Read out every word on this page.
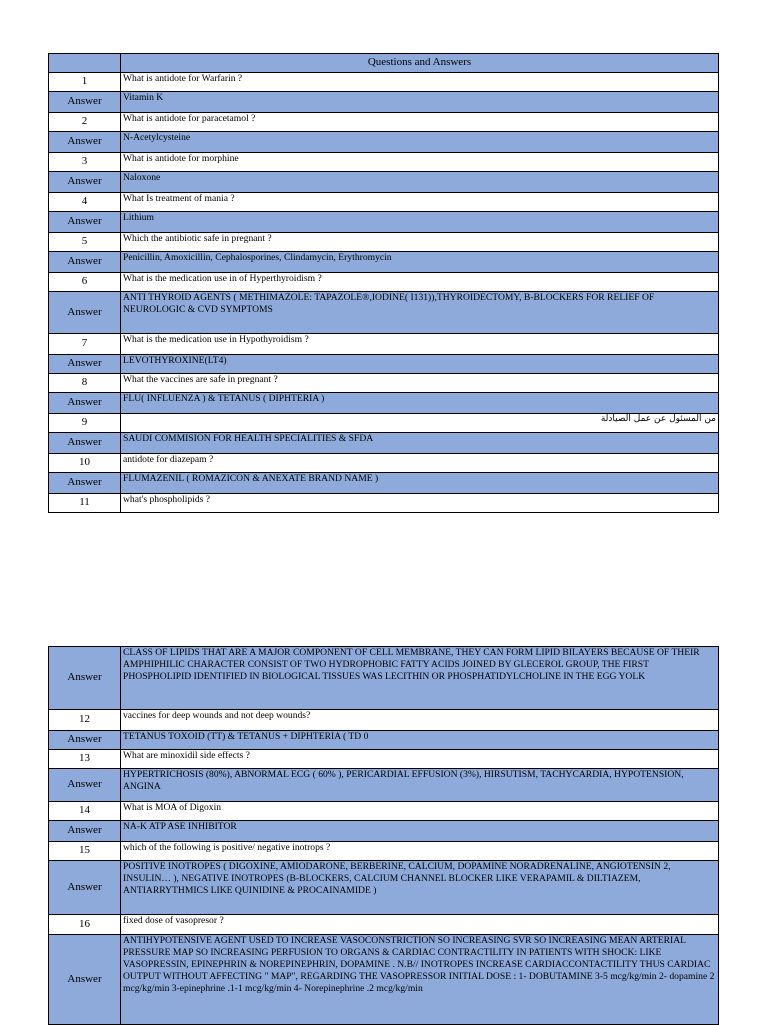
	Questions and Answers
1	What is antidote for Warfarin ?
Answer	Vitamin K
2	What is antidote for paracetamol ?
Answer	N-Acetylcysteine
3	What is antidote for morphine
Answer	Naloxone
4	What Is treatment of mania ?
Answer	Lithium
5	Which the antibiotic safe in pregnant ?
Answer	Penicillin, Amoxicillin, Cephalosporines, Clindamycin, Erythromycin
6	What is the medication use in of Hyperthyroidism ?
Answer	ANTI THYROID AGENTS ( METHIMAZOLE: TAPAZOLE®,IODINE( I131)),THYROIDECTOMY, B-BLOCKERS FOR RELIEF OF NEUROLOGIC & CVD SYMPTOMS
7	What is the medication use in Hypothyroidism ?
Answer	LEVOTHYROXINE(LT4)
8	What the vaccines are safe in pregnant ?
Answer	FLU( INFLUENZA ) & TETANUS ( DIPHTERIA )
9	من المسئول عن عمل الصيادلة
Answer	SAUDI COMMISION FOR HEALTH SPECIALITIES & SFDA
10	antidote for diazepam ?
Answer	FLUMAZENIL ( ROMAZICON & ANEXATE BRAND NAME )
11	what's phospholipids ?
Answer	CLASS OF LIPIDS THAT ARE A MAJOR COMPONENT OF CELL MEMBRANE, THEY CAN FORM LIPID BILAYERS BECAUSE OF THEIR AMPHIPHILIC CHARACTER CONSIST OF TWO HYDROPHOBIC FATTY ACIDS JOINED BY GLECEROL GROUP, THE FIRST PHOSPHOLIPID IDENTIFIED IN BIOLOGICAL TISSUES WAS LECITHIN OR PHOSPHATIDYLCHOLINE IN THE EGG YOLK
12	vaccines for deep wounds and not deep wounds?
Answer	TETANUS TOXOID (TT) & TETANUS + DIPHTERIA ( TD 0
13	What are minoxidil side effects ?
Answer	HYPERTRICHOSIS (80%), ABNORMAL ECG ( 60% ), PERICARDIAL EFFUSION (3%), HIRSUTISM, TACHYCARDIA, HYPOTENSION, ANGINA
14	What is MOA of Digoxin
Answer	NA-K ATP ASE INHIBITOR
15	which of the following is positive/ negative inotrops ?
Answer	POSITIVE INOTROPES ( DIGOXINE, AMIODARONE, BERBERINE, CALCIUM, DOPAMINE NORADRENALINE, ANGIOTENSIN 2, INSULIN… ), NEGATIVE INOTROPES (B-BLOCKERS, CALCIUM CHANNEL BLOCKER LIKE VERAPAMIL & DILTIAZEM, ANTIARRYTHMICS LIKE QUINIDINE & PROCAINAMIDE )
16	fixed dose of vasopresor ?
Answer	ANTIHYPOTENSIVE AGENT USED TO INCREASE VASOCONSTRICTION SO INCREASING SVR SO INCREASING MEAN ARTERIAL PRESSURE MAP SO INCREASING PERFUSION TO ORGANS & CARDIAC CONTRACTILITY IN PATIENTS WITH SHOCK: LIKE VASOPRESSIN, EPINEPHRIN & NOREPINEPHRIN, DOPAMINE . N.B// INOTROPES INCREASE CARDIACCONTACTILITY THUS CARDIAC OUTPUT WITHOUT AFFECTING " MAP", REGARDING THE VASOPRESSOR INITIAL DOSE : 1- DOBUTAMINE 3-5 mcg/kg/min 2- dopamine 2 mcg/kg/min 3-epinephrine .1-1 mcg/kg/min 4- Norepinephrine .2 mcg/kg/min
